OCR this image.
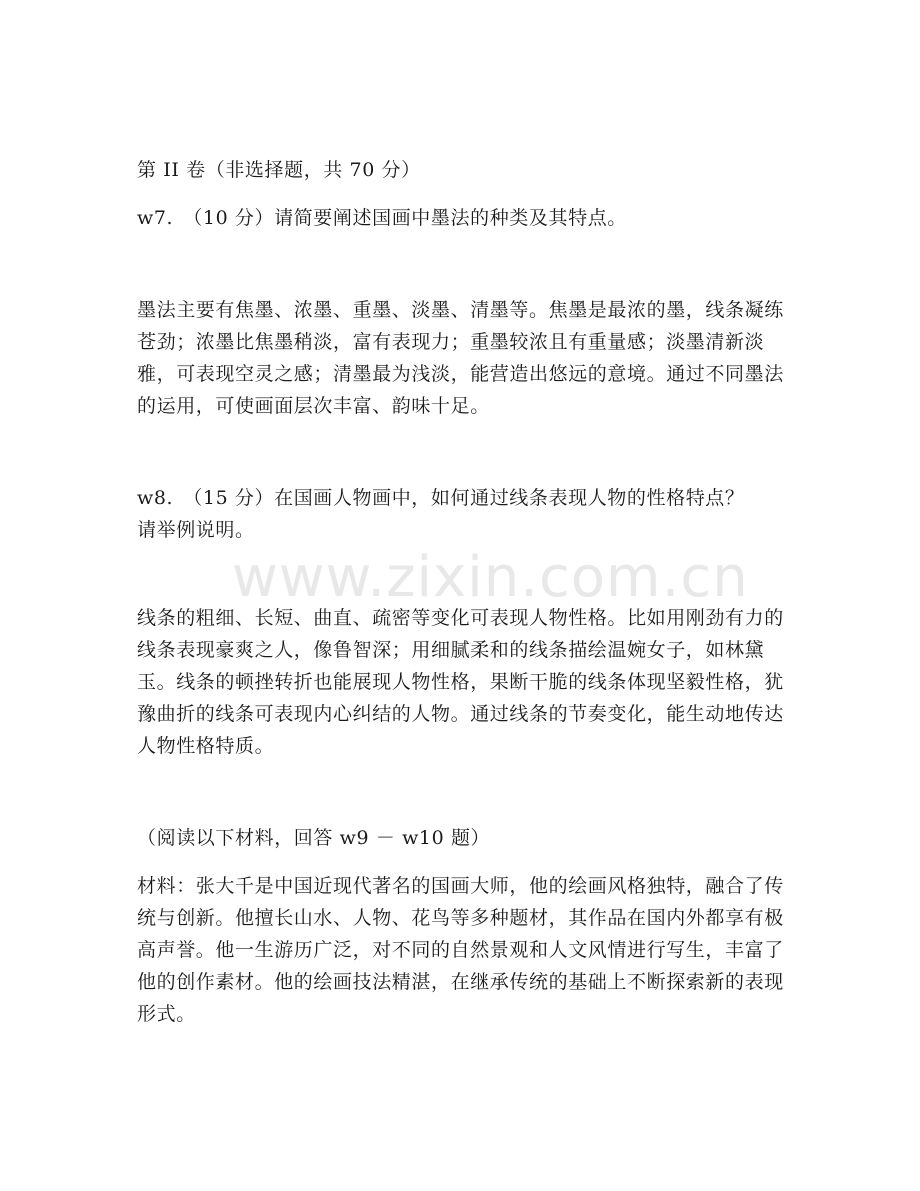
www.zixin.com.cn
第 II 卷（非选择题，共 70 分）
w7.　（10 分）请简要阐述国画中墨法的种类及其特点。

墨法主要有焦墨、浓墨、重墨、淡墨、清墨等。焦墨是最浓的墨，线条凝练苍劲；浓墨比焦墨稍淡，富有表现力；重墨较浓且有重量感；淡墨清新淡雅，可表现空灵之感；清墨最为浅淡，能营造出悠远的意境。通过不同墨法的运用，可使画面层次丰富、韵味十足。

w8.　（15 分）在国画人物画中，如何通过线条表现人物的性格特点？
请举例说明。

线条的粗细、长短、曲直、疏密等变化可表现人物性格。比如用刚劲有力的线条表现豪爽之人，像鲁智深；用细腻柔和的线条描绘温婉女子，如林黛玉。线条的顿挫转折也能展现人物性格，果断干脆的线条体现坚毅性格，犹豫曲折的线条可表现内心纠结的人物。通过线条的节奏变化，能生动地传达人物性格特质。

（阅读以下材料，回答 w9 － w10 题）

材料：张大千是中国近现代著名的国画大师，他的绘画风格独特，融合了传统与创新。他擅长山水、人物、花鸟等多种题材，其作品在国内外都享有极高声誉。他一生游历广泛，对不同的自然景观和人文风情进行写生，丰富了他的创作素材。他的绘画技法精湛，在继承传统的基础上不断探索新的表现形式。
